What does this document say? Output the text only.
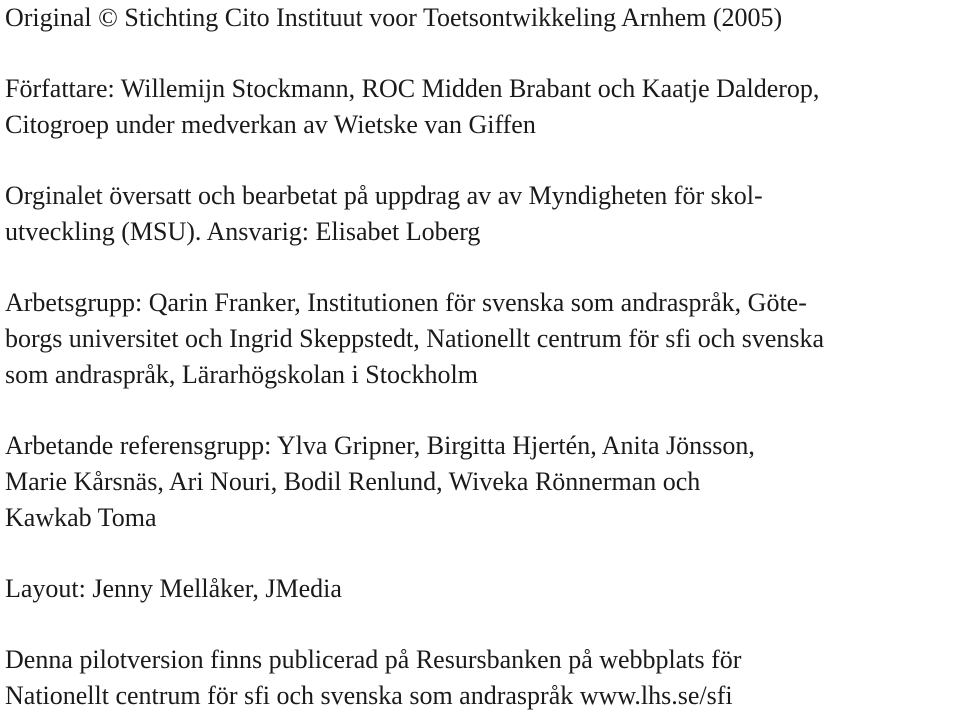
Original © Stichting Cito Instituut voor Toetsontwikkeling Arnhem (2005)

Författare: Willemijn Stockmann, ROC Midden Brabant och Kaatje Dalderop,
Citogroep under medverkan av Wietske van Giffen

Orginalet översatt och bearbetat på uppdrag av av Myndigheten för skol-
utveckling (MSU). Ansvarig: Elisabet Loberg

Arbetsgrupp: Qarin Franker, Institutionen för svenska som andraspråk, Göte-
borgs universitet och Ingrid Skeppstedt, Nationellt centrum för sfi och svenska
som andraspråk, Lärarhögskolan i Stockholm

Arbetande referensgrupp: Ylva Gripner, Birgitta Hjertén, Anita Jönsson,
Marie Kårsnäs, Ari Nouri, Bodil Renlund, Wiveka Rönnerman och
Kawkab Toma

Layout: Jenny Mellåker, JMedia

Denna pilotversion finns publicerad på Resursbanken på webbplats för
Nationellt centrum för sfi och svenska som andraspråk www.lhs.se/sfi
